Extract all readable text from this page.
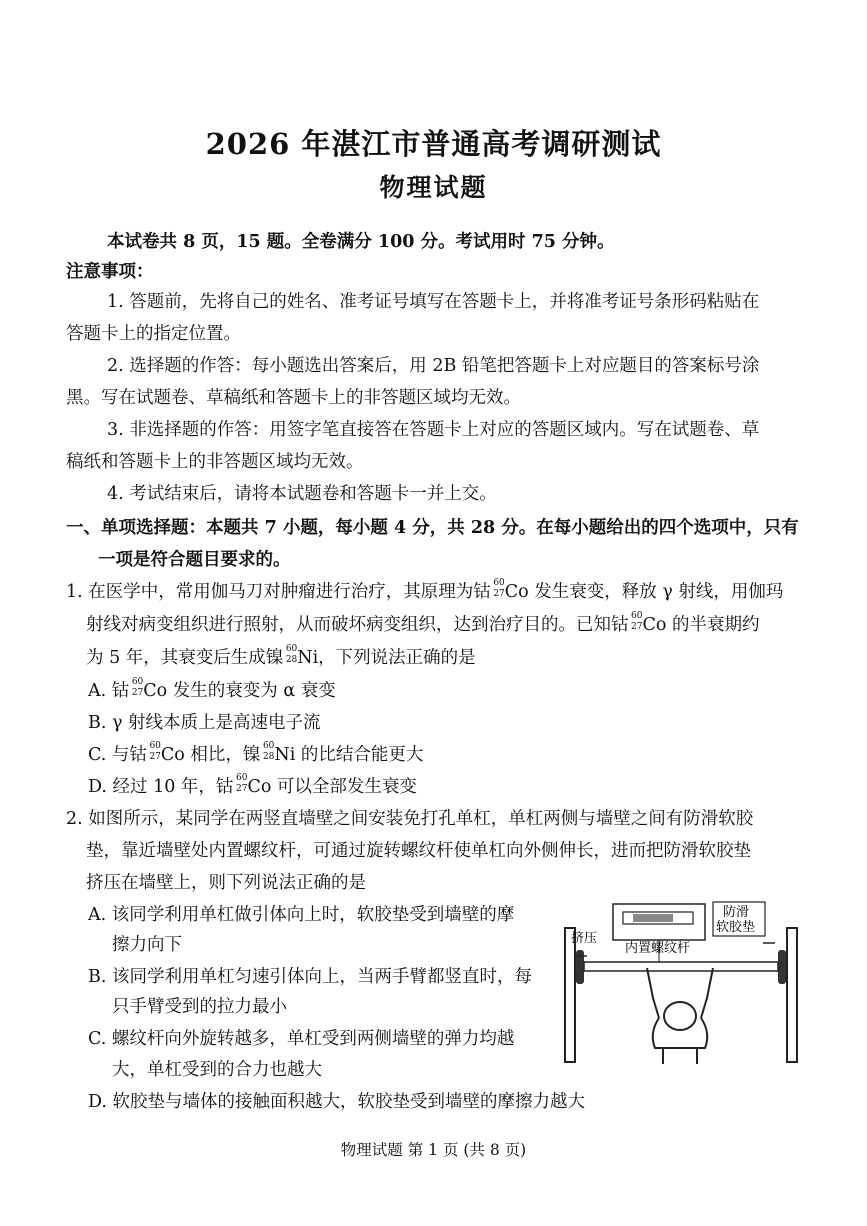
2026 年湛江市普通高考调研测试
物理试题
本试卷共 8 页，15 题。全卷满分 100 分。考试用时 75 分钟。
注意事项：
1. 答题前，先将自己的姓名、准考证号填写在答题卡上，并将准考证号条形码粘贴在
答题卡上的指定位置。
2. 选择题的作答：每小题选出答案后，用 2B 铅笔把答题卡上对应题目的答案标号涂
黑。写在试题卷、草稿纸和答题卡上的非答题区域均无效。
3. 非选择题的作答：用签字笔直接答在答题卡上对应的答题区域内。写在试题卷、草
稿纸和答题卡上的非答题区域均无效。
4. 考试结束后，请将本试题卷和答题卡一并上交。
一、单项选择题：本题共 7 小题，每小题 4 分，共 28 分。在每小题给出的四个选项中，只有
一项是符合题目要求的。
1. 在医学中，常用伽马刀对肿瘤进行治疗，其原理为钴 60
27 Co 发生衰变，释放 γ 射线，用伽玛
射线对病变组织进行照射，从而破坏病变组织，达到治疗目的。已知钴 60
27 Co 的半衰期约
为 5 年，其衰变后生成镍 60
28 Ni，下列说法正确的是
A. 钴 60
27 Co 发生的衰变为 α 衰变
B. γ 射线本质上是高速电子流
C. 与钴 60
27 Co 相比，镍 60
28 Ni 的比结合能更大
D. 经过 10 年，钴 60
27 Co 可以全部发生衰变
2. 如图所示，某同学在两竖直墙壁之间安装免打孔单杠，单杠两侧与墙壁之间有防滑软胶
垫，靠近墙壁处内置螺纹杆，可通过旋转螺纹杆使单杠向外侧伸长，进而把防滑软胶垫
挤压在墙壁上，则下列说法正确的是
A. 该同学利用单杠做引体向上时，软胶垫受到墙壁的摩
擦力向下
B. 该同学利用单杠匀速引体向上，当两手臂都竖直时，每
只手臂受到的拉力最小
C. 螺纹杆向外旋转越多，单杠受到两侧墙壁的弹力均越
大，单杠受到的合力也越大
D. 软胶垫与墙体的接触面积越大，软胶垫受到墙壁的摩擦力越大
挤压
内置螺纹杆
防滑
软胶垫
物理试题 第 1 页 (共 8 页)
